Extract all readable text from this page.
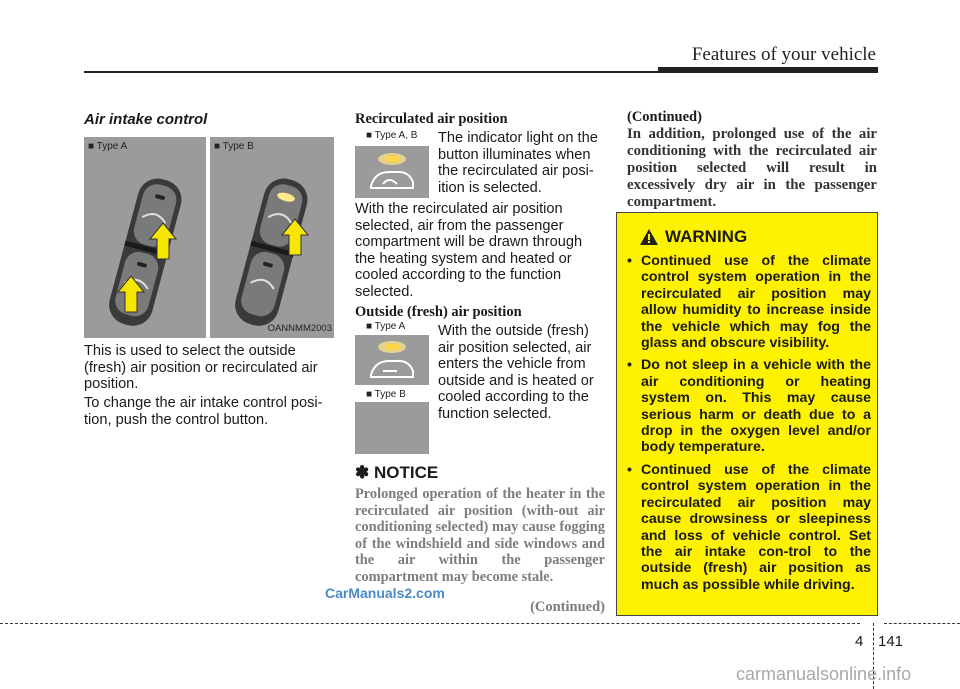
Features of your vehicle
Air intake control
■ Type A	■ Type B
OANNMM2003
This is used to select the outside (fresh) air position or recirculated air position.
To change the air intake control posi-tion, push the control button.
Recirculated air position
■ Type A, B The indicator light on the button illuminates when the recirculated air posi-ition is selected.
With the recirculated air position selected, air from the passenger compartment will be drawn through the heating system and heated or cooled according to the function selected.
Outside (fresh) air position
■ Type A
■ Type B
With the outside (fresh) air position selected, air enters the vehicle from outside and is heated or cooled according to the function selected.
✽ NOTICE
Prolonged operation of the heater in the recirculated air position (with-out air conditioning selected) may cause fogging of the windshield and side windows and the air within the passenger compartment may become stale.
(Continued)
CarManuals2.com
(Continued)
In addition, prolonged use of the air conditioning with the recirculated air position selected will result in excessively dry air in the passenger compartment.
WARNING
• Continued use of the climate control system operation in the recirculated air position may allow humidity to increase inside the vehicle which may fog the glass and obscure visibility.
• Do not sleep in a vehicle with the air conditioning or heating system on. This may cause serious harm or death due to a drop in the oxygen level and/or body temperature.
• Continued use of the climate control system operation in the recirculated air position may cause drowsiness or sleepiness and loss of vehicle control. Set the air intake con-trol to the outside (fresh) air position as much as possible while driving.
4 141
carmanualsonline.info
